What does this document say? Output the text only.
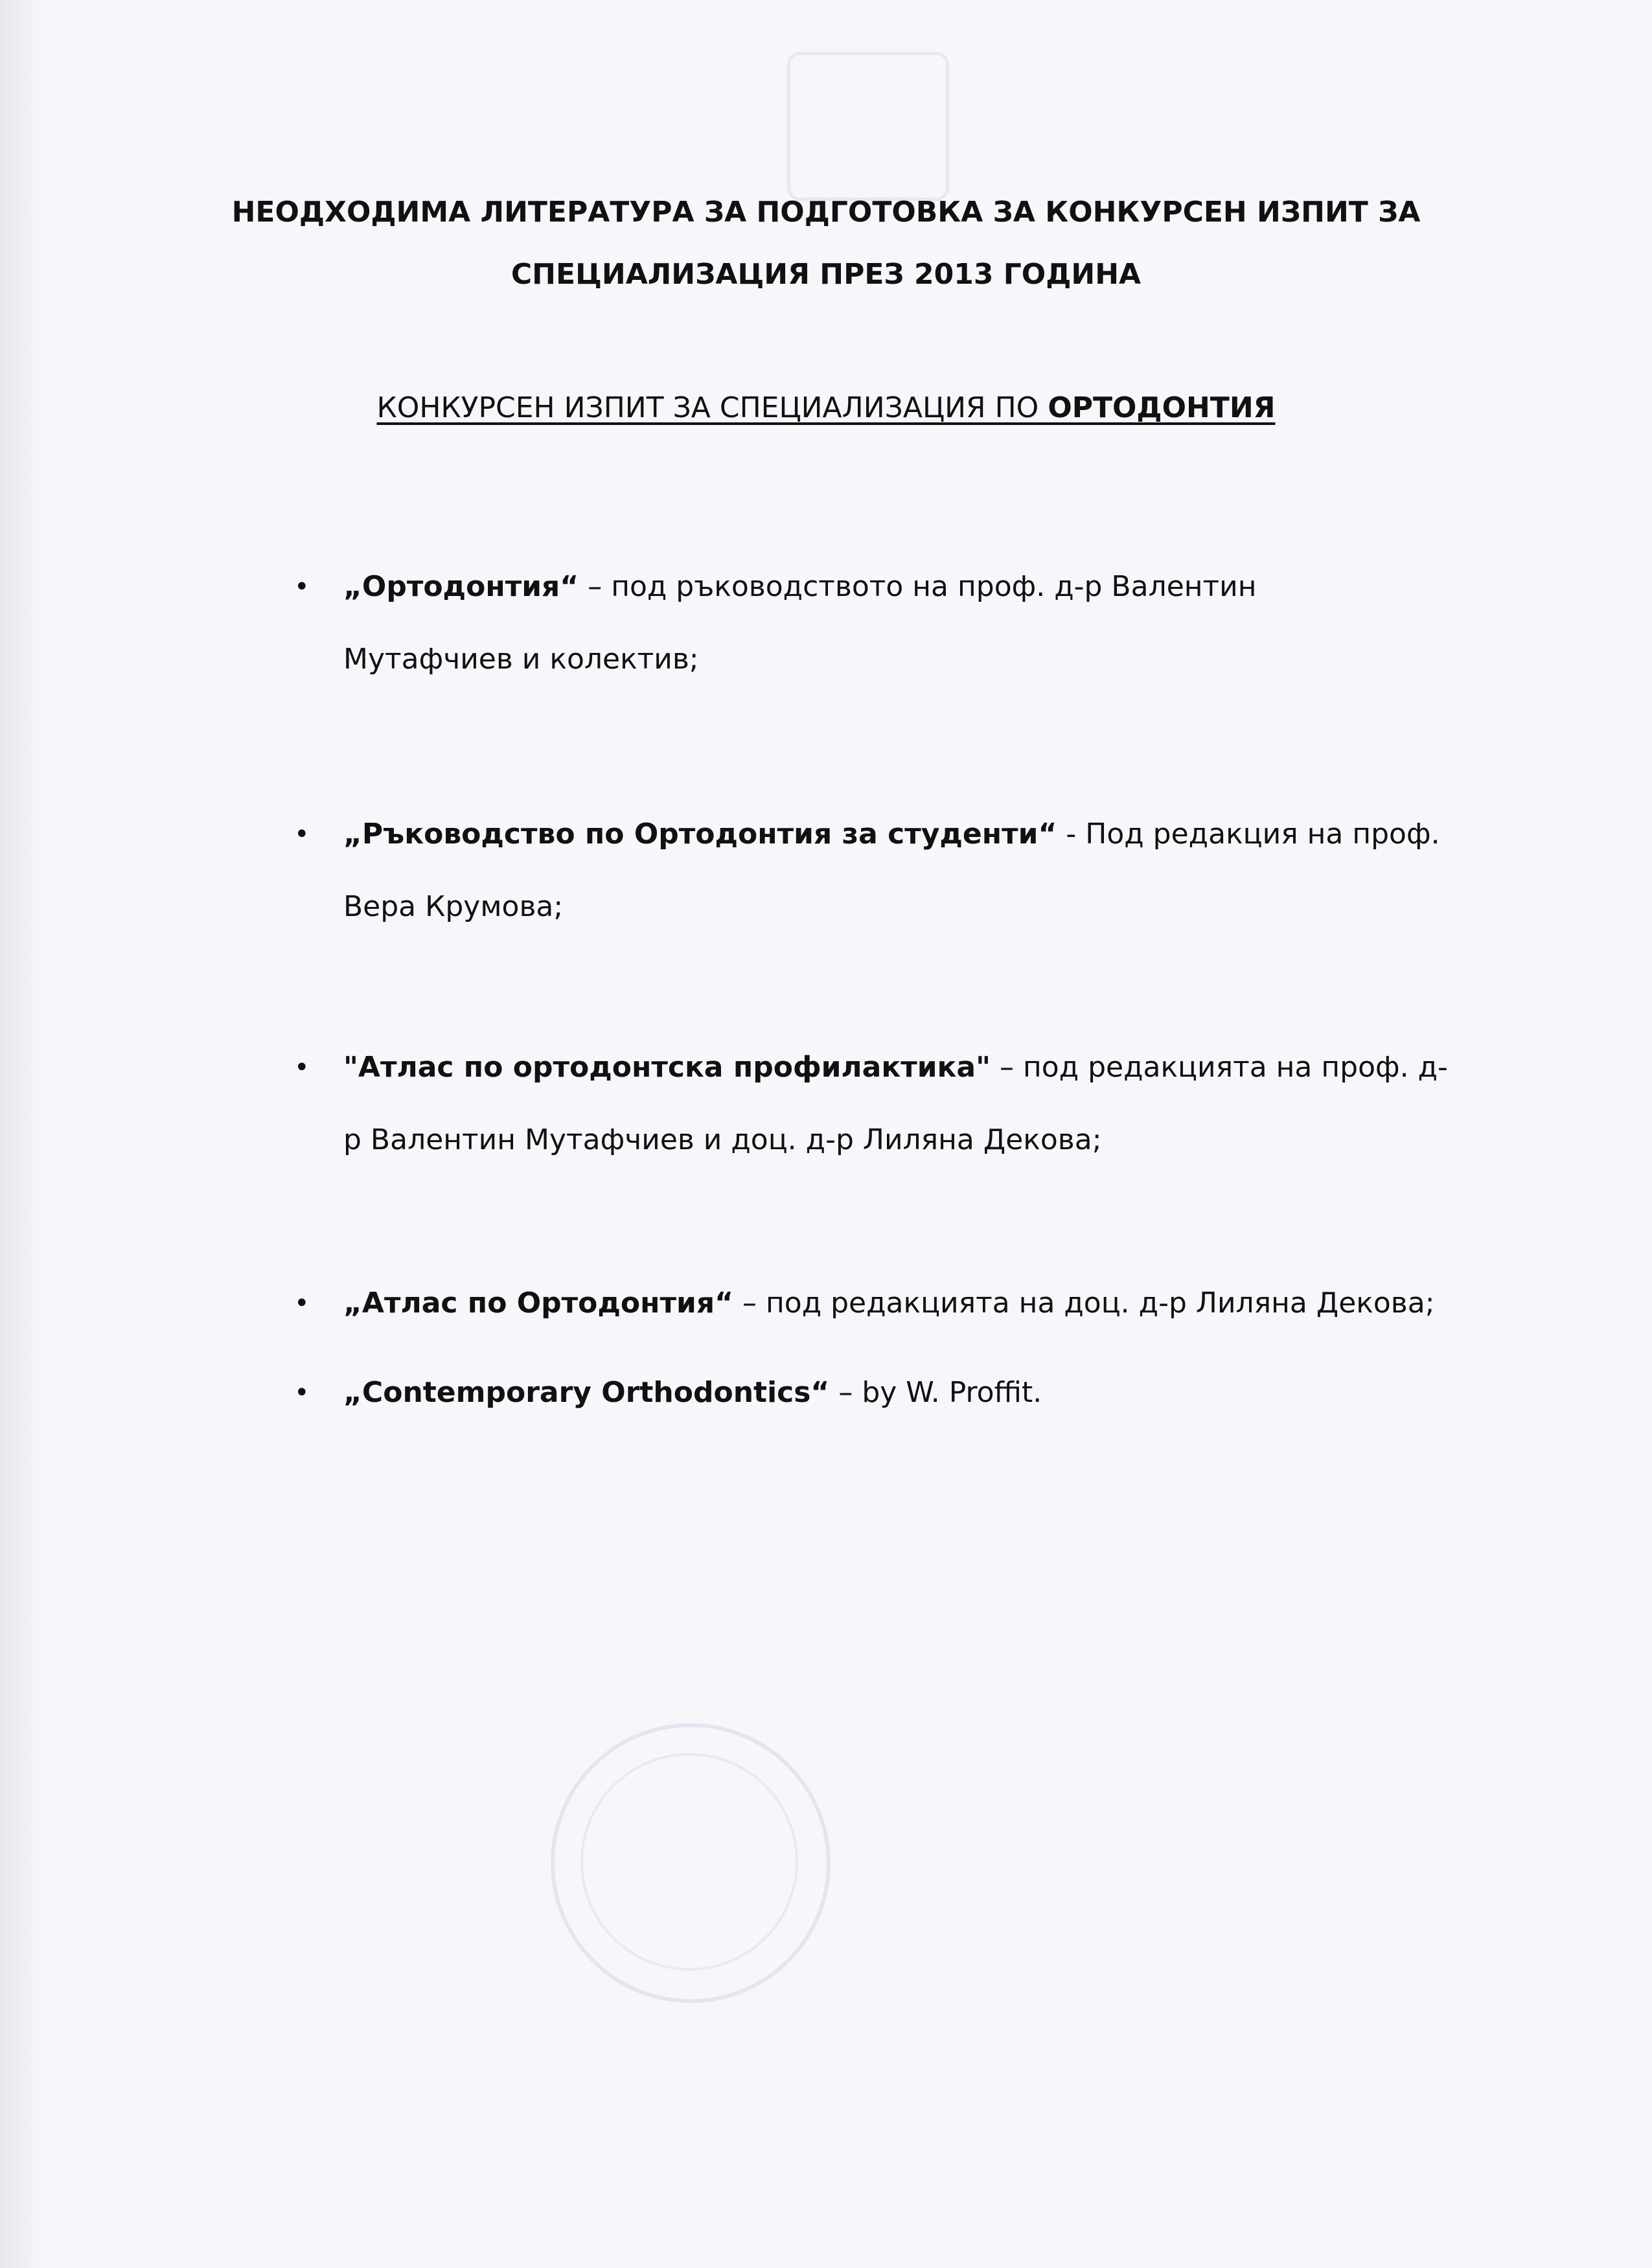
НЕОДХОДИМА ЛИТЕРАТУРА ЗА ПОДГОТОВКА ЗА КОНКУРСЕН ИЗПИТ ЗА
СПЕЦИАЛИЗАЦИЯ ПРЕЗ 2013 ГОДИНА
КОНКУРСЕН ИЗПИТ ЗА СПЕЦИАЛИЗАЦИЯ ПО ОРТОДОНТИЯ
• „Ортодонтия“ – под ръководството на проф. д-р Валентин
Мутафчиев и колектив;
• „Ръководство по Ортодонтия за студенти“ - Под редакция на проф.
Вера Крумова;
• "Атлас по ортодонтска профилактика" – под редакцията на проф. д-
р Валентин Мутафчиев и доц. д-р Лиляна Декова;
• „Атлас по Ортодонтия“ – под редакцията на доц. д-р Лиляна Декова;
• „Contemporary Orthodontics“ – by W. Proffit.
